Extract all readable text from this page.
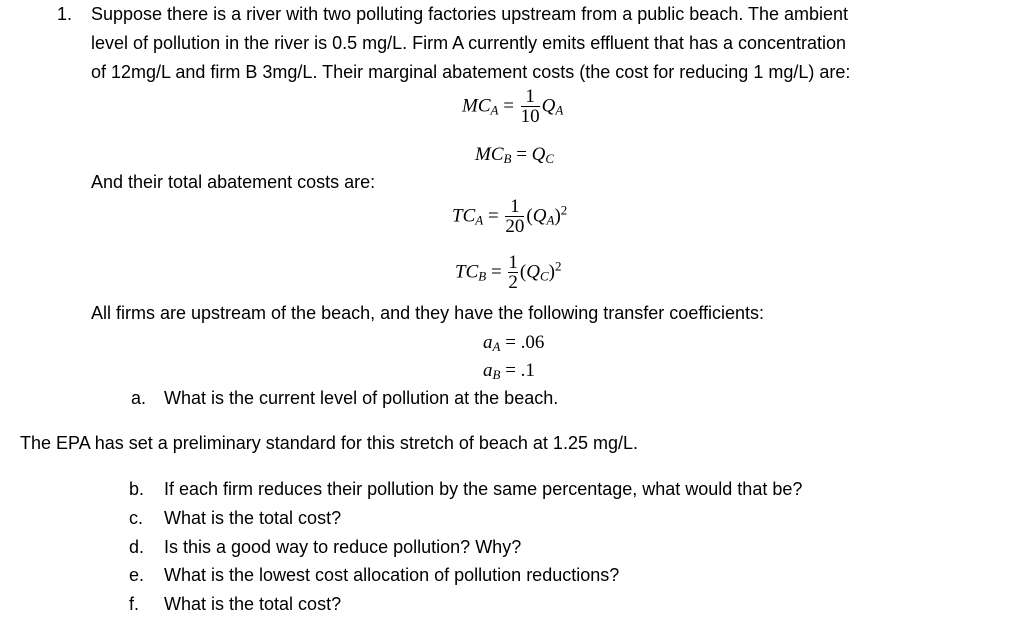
1. Suppose there is a river with two polluting factories upstream from a public beach. The ambient
level of pollution in the river is 0.5 mg/L. Firm A currently emits effluent that has a concentration
of 12mg/L and firm B 3mg/L. Their marginal abatement costs (the cost for reducing 1 mg/L) are:
$MC_A = \frac{1}{10} Q_A$
$MC_B = Q_C$
And their total abatement costs are:
$TC_A = \frac{1}{20} (Q_A)^2$
$TC_B = \frac{1}{2} (Q_C)^2$
All firms are upstream of the beach, and they have the following transfer coefficients:
$a_A = .06$
$a_B = .1$
a. What is the current level of pollution at the beach.
The EPA has set a preliminary standard for this stretch of beach at 1.25 mg/L.
b. If each firm reduces their pollution by the same percentage, what would that be?
c. What is the total cost?
d. Is this a good way to reduce pollution? Why?
e. What is the lowest cost allocation of pollution reductions?
f. What is the total cost?
